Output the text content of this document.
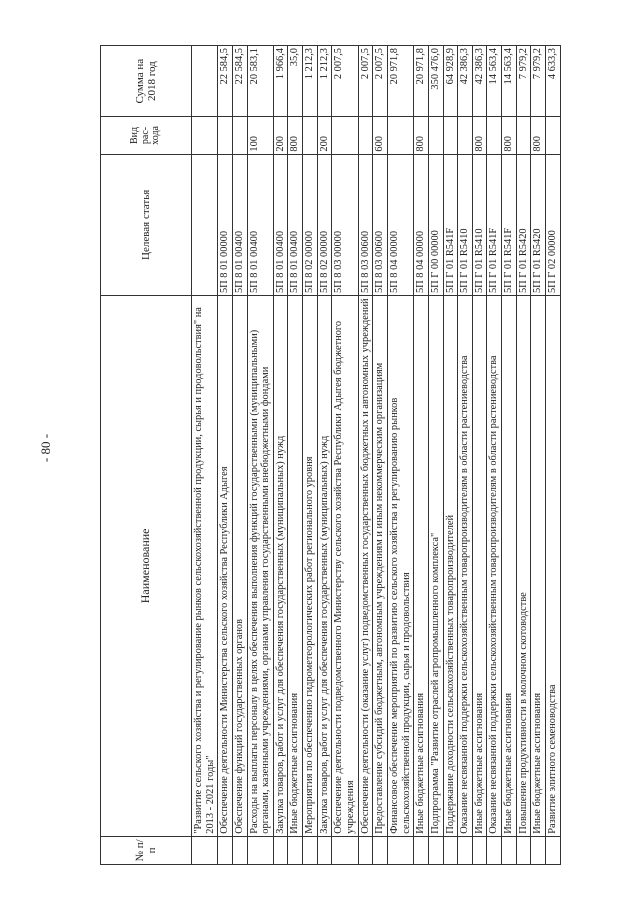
- 80 -
№ п/п	Наименование	Целевая статья	Вид рас-хода	Сумма на 2018 год
	"Развитие сельского хозяйства и регулирование рынков сельскохозяйственной продукции, сырья и продовольствия" на 2013 - 2021 годы"			
	Обеспечение деятельности Министерства сельского хозяйства Республики Адыгея	5П 8 01 00000		22 584,5
	Обеспечение функций государственных органов	5П 8 01 00400		22 584,5
	Расходы на выплаты персоналу в целях обеспечения выполнения функций государственными (муниципальными) органами, казенными учреждениями, органами управления государственными внебюджетными фондами	5П 8 01 00400	100	20 583,1
	Закупка товаров, работ и услуг для обеспечения государственных (муниципальных) нужд	5П 8 01 00400	200	1 966,4
	Иные бюджетные ассигнования	5П 8 01 00400	800	35,0
	Мероприятия по обеспечению гидрометеорологических работ регионального уровня	5П 8 02 00000		1 212,3
	Закупка товаров, работ и услуг для обеспечения государственных (муниципальных) нужд	5П 8 02 00000	200	1 212,3
	Обеспечение деятельности подведомственного Министерству сельского хозяйства Республики Адыгея бюджетного учреждения	5П 8 03 00000		2 007,5
	Обеспечение деятельности (оказание услуг) подведомственных государственных бюджетных и автономных учреждений	5П 8 03 00600		2 007,5
	Предоставление субсидий бюджетным, автономным учреждениям и иным некоммерческим организациям	5П 8 03 00600	600	2 007,5
	Финансовое обеспечение мероприятий по развитию сельского хозяйства и регулированию рынков сельскохозяйственной продукции, сырья и продовольствия	5П 8 04 00000		20 971,8
	Иные бюджетные ассигнования	5П 8 04 00000	800	20 971,8
	Подпрограмма "Развитие отраслей агропромышленного комплекса"	5П Г 00 00000		350 476,0
	Поддержание доходности сельскохозяйственных товаропроизводителей	5П Г 01 R541F		64 928,9
	Оказание несвязанной поддержки сельскохозяйственным товаропроизводителям в области растениеводства	5П Г 01 R5410		42 386,3
	Иные бюджетные ассигнования	5П Г 01 R5410	800	42 386,3
	Оказание несвязанной поддержки сельскохозяйственным товаропроизводителям в области растениеводства	5П Г 01 R541F		14 563,4
	Иные бюджетные ассигнования	5П Г 01 R541F	800	14 563,4
	Повышение продуктивности в молочном скотоводстве	5П Г 01 R5420		7 979,2
	Иные бюджетные ассигнования	5П Г 01 R5420	800	7 979,2
	Развитие элитного семеноводства	5П Г 02 00000		4 633,3
